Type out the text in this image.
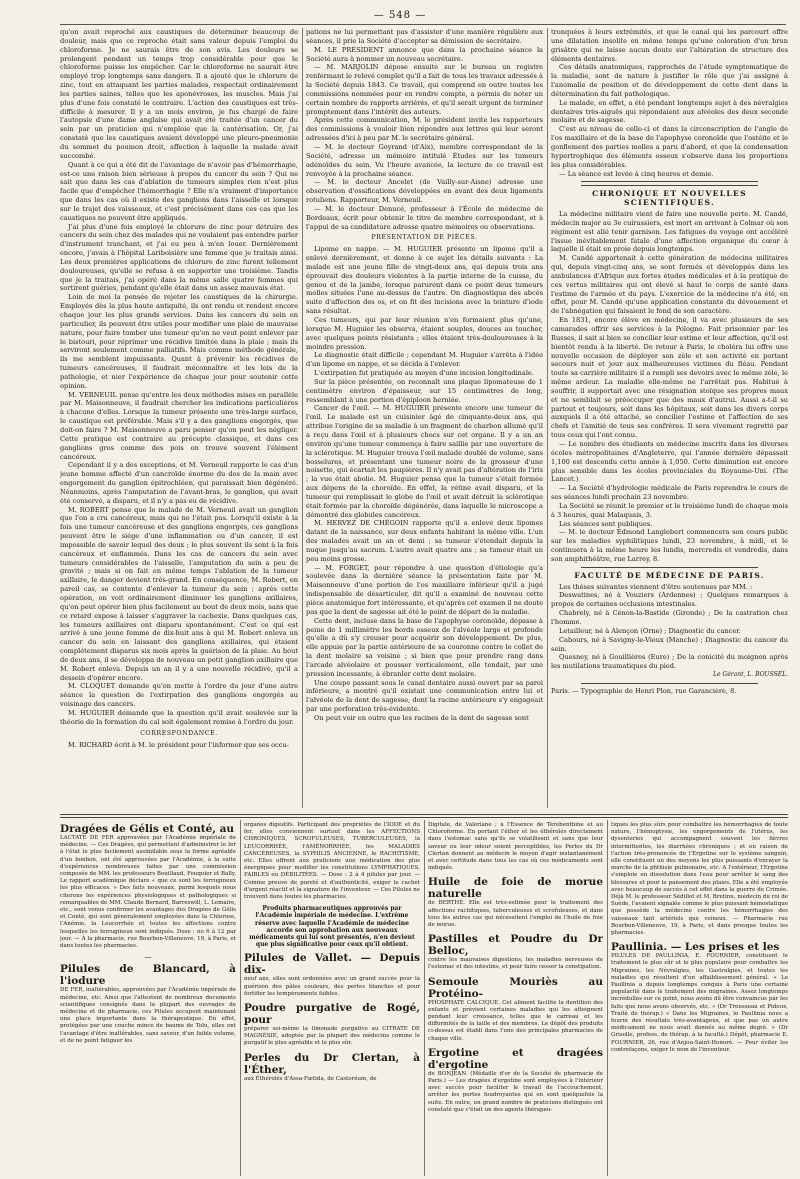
— 548 —

qu'on avait reproché aux caustiques de déterminer beaucoup de douleur, mais que ce reproche était sans valeur depuis l'emploi du chloroforme. Je ne saurais être de son avis. Les douleurs se prolongent pendant un temps trop considérable pour que le chloroforme puisse les empêcher. Car le chloroforme ne saurait être employé trop longtemps sans dangers. Il a ajouté que le chlorure de zinc, tout en attaquant les parties malades, respectait ordinairement les parties saines, telles que les aponévroses, les muscles. Mais j'ai plus d'une fois constaté le contraire. L'action des caustiques est très-difficile à mesurer. Il y a un mois environ, je fus chargé de faire l'autopsie d'une dame anglaise qui avait été traitée d'un cancer du sein par un praticien qui n'emploie que la cautérisation. Or, j'ai constaté que les caustiques avaient développé une pleuro-pneumonie du sommet du poumon droit, affection à laquelle la malade avait succombé.

Quant à ce qui a été dit de l'avantage de n'avoir pas d'hémorrhagie, est-ce une raison bien sérieuse à propos du cancer du sein ? Qui ne sait que dans les cas d'ablation de tumeurs simples rien n'est plus facile que d'empêcher l'hémorrhagie ? Elle n'a vraiment d'importance que dans les cas où il existe des ganglions dans l'aisselle et lorsque sur le trajet des vaisseaux, et c'est précisément dans ces cas que les caustiques ne peuvent être appliqués.

J'ai plus d'une fois employé le chlorure de zinc pour détruire des cancers du sein chez des malades qui ne voulaient pas entendre parler d'instrument tranchant, et j'ai eu peu à m'en louer. Dernièrement encore, j'avais à l'hôpital Lariboisière une femme que je traitais ainsi. Les deux premières applications de chlorure de zinc furent tellement douloureuses, qu'elle se refusa à en supporter une troisième. Tandis que je la traitais, j'ai opéré dans la même salle quatre femmes qui sortirent guéries, pendant qu'elle était dans un assez mauvais état.

Loin de moi la pensée de rejeter les caustiques de la chirurgie. Employés dès la plus haute antiquité, ils ont rendu et rendent encore chaque jour les plus grands services. Dans les cancers du sein en particulier, ils peuvent être utiles pour modifier une plaie de mauvaise nature, pour faire tomber une tumeur qu'on ne veut point enlever par le bistouri, pour réprimer une récidive limitée dans la plaie ; mais ils serviront seulement comme palliatifs. Mais comme méthode générale, ils me semblent impuissants. Quant à prévenir les récidives de tumeurs cancéreuses, il faudrait méconnaître et les lois de la pathologie, et nier l'expérience de chaque jour pour soutenir cette opinion.

M. VERNEUIL pense qu'entre les deux méthodes mises en parallèle par M. Maisonneuve, il faudrait chercher les indications particulières à chacune d'elles. Lorsque la tumeur présente une très-large surface, le caustique est préférable. Mais s'il y a des ganglions engorgés, que doit-on faire ? M. Maisonneuve a paru penser qu'on peut les négliger. Cette pratique est contraire au précepte classique, et dans ces ganglions gros comme des pois on trouve souvent l'élément cancéreux.

Cependant il y a des exceptions, et M. Verneuil rapporte le cas d'un jeune homme affecté d'un cancroïde énorme du dos de la main avec engorgement du ganglion épitrochléen, qui paraissait bien dégénéré. Néanmoins, après l'amputation de l'avant-bras, le ganglion, qui avait été conservé, a disparu, et il n'y a pas eu de récidive.

M. ROBERT pense que le malade de M. Verneuil avait un ganglion que l'on a cru cancéreux, mais qui ne l'était pas. Lorsqu'il existe à la fois une tumeur cancéreuse et des ganglions engorgés, ces ganglions peuvent être le siége d'une inflammation ou d'un cancer, il est impossible de savoir lequel des deux ; le plus souvent ils sont à la fois cancéreux et enflammés. Dans les cas de cancers du sein avec tumeurs considérables de l'aisselle, l'amputation du sein a peu de gravité ; mais si on fait en même temps l'ablation de la tumeur axillaire, le danger devient très-grand. En conséquence, M. Robert, en pareil cas, se contente d'enlever la tumeur du sein ; après cette opération, on voit ordinairement diminuer les ganglions axillaires, qu'on peut opérer bien plus facilement au bout de deux mois, sans que ce retard expose à laisser s'aggraver la cachexie. Dans quelques cas, les tumeurs axillaires ont disparu spontanément. C'est ce qui est arrivé à une jeune femme de dix-huit ans à qui M. Robert enleva un cancer du sein en laissant des ganglions axillaires, qui étaient complétement disparus six mois après la guérison de la plaie. Au bout de deux ans, il se développa de nouveau un petit ganglion axillaire que M. Robert enleva. Depuis un an il y a une nouvelle récidive, qu'il a dessein d'opérer encore.

M. CLOQUET demande qu'on mette à l'ordre du jour d'une autre séance la question de l'extirpation des ganglions engorgés au voisinage des cancers.

M. HUGUIER demande que la question qu'il avait soulevée sur la théorie de la formation du cal soit également remise à l'ordre du jour.

CORRESPONDANCE.

M. RICHARD écrit à M. le président pour l'informer que ses occu-

pations ne lui permettant pas d'assister d'une manière régulière aux séances, il prie la Société d'accepter sa démission de secrétaire.

M. LE PRÉSIDENT annonce que dans la prochaine séance la Société aura à nommer un nouveau secrétaire.

— M. MARJOLIN dépose ensuite sur le bureau un registre renfermant le relevé complet qu'il a fait de tous les travaux adressés à la Société depuis 1843. Ce travail, qui comprend en outre toutes les commissions nommées pour en rendre compte, a permis de noter un certain nombre de rapports arriérés, et qu'il serait urgent de terminer promptement dans l'intérêt des auteurs.

Après cette communication, M. le président invite les rapporteurs des commissions à vouloir bien répondre aux lettres qui leur seront adressées d'ici à peu par M. le secrétaire général.

— M. le docteur Goyrand (d'Aix), membre correspondant de la Société, adresse un mémoire intitulé Études sur les tumeurs adénoïdes du sein. Vu l'heure avancée, la lecture de ce travail est renvoyée à la prochaine séance.

— M. le docteur Ancelet (de Vailly-sur-Aisne) adresse une observation d'ossifications développées en avant des deux ligaments rotuliens. Rapporteur, M. Verneuil.

— M. le docteur Denucé, professeur à l'École de médecine de Bordeaux, écrit pour obtenir le titre de membre correspondant, et à l'appui de sa candidature adresse quatre mémoires ou observations.

PRÉSENTATION DE PIÈCES.

Lipome en nappe. — M. HUGUIER présente un lipome qu'il a enlevé dernièrement, et donne à ce sujet les détails suivants : La malade est une jeune fille de vingt-deux ans, qui depuis trois ans éprouvait des douleurs violentes à la partie interne de la cuisse, du genou et de la jambe, lorsque parurent dans ce point deux tumeurs molles situées l'une au-dessus de l'autre. On diagnostiqua des abcès suite d'affection des os, et on fit des incisions avec la teinture d'iode sans résultat.

Ces tumeurs, qui par leur réunion n'en formaient plus qu'une, lorsque M. Huguier les observa, étaient souples, douces au toucher, avec quelques points résistants ; elles étaient très-douloureuses à la moindre pression.

Le diagnostic était difficile ; cependant M. Huguier s'arrêta à l'idée d'un lipome en nappe, et se décida à l'enlever.

L'extirpation fut pratiquée au moyen d'une incision longitudinale.

Sur la pièce présentée, on reconnaît une plaque lipomateuse de 1 centimètre environ d'épaisseur, sur 15 centimètres de long, ressemblant à une portion d'épiploon herniée.

Cancer de l'œil. — M. HUGUIER présente encore une tumeur de l'œil. Le malade est un cuisinier âgé de cinquante-deux ans, qui attribue l'origine de sa maladie à un fragment de charbon allumé qu'il a reçu dans l'œil et à plusieurs chocs sur cet organe. Il y a un an environ qu'une tumeur commença à faire saillie par une ouverture de la sclérotique. M. Huguier trouva l'œil malade doublé de volume, sans bosselures, et présentant une tumeur noire de la grosseur d'une noisette, qui écartait les paupières. Il n'y avait pas d'altération de l'iris ; la vue était abolie. M. Huguier pensa que la tumeur s'était formée aux dépens de la choroïde. En effet, la rétine avait disparu, et la tumeur qui remplissait le globe de l'œil et avait détruit la sclérotique était formée par la choroïde dégénérée, dans laquelle le microscope a démontré des globules cancéreux.

M. HERVEZ DE CHÉGOIN rapporte qu'il a enlevé deux lipomes datant de la naissance, sur deux enfants habitant la même ville. L'un des malades avait un an et demi ; sa tumeur s'étendait depuis la nuque jusqu'au sacrum. L'autre avait quatre ans ; sa tumeur était un peu moins grosse.

— M. FORGET, pour répondre à une question d'étiologie qu'a soulevée dans la dernière séance la présentation faite par M. Maisonneuve d'une portion de l'os maxillaire inférieur qu'il a jugé indispensable de désarticuler, dit qu'il a examiné de nouveau cette pièce anatomique fort intéressante, et qu'après cet examen il ne doute pas que la dent de sagesse ait été le point de départ de la maladie.

Cette dent, incluse dans la base de l'apophyse coronoïde, dépasse à peine de 1 millimètre les bords osseux de l'alvéole large et profonde qu'elle a dû s'y creuser pour acquérir son développement. De plus, elle appuie par la partie antérieure de sa couronne contre le collet de la dent molaire sa voisine ; si bien que pour prendre rang dans l'arcade alvéolaire et pousser verticalement, elle tendait, par une pression incessante, à ébranler cette dent molaire.

Une coupe passant sous le canal dentaire aussi ouvert par sa paroi inférieure, a montré qu'il existait une communication entre lui et l'alvéole de la dent de sagesse, dont la racine antérieure s'y engageait par une perforation très-évidente.

On peut voir en outre que les racines de la dent de sagesse sont

tronquées à leurs extrémités, et que le canal qui les parcourt offre une dilatation insolite en même temps qu'une coloration d'un brun grisâtre qui ne laisse aucun doute sur l'altération de structure des éléments dentaires.

Ces détails anatomiques, rapprochés de l'étude symptomatique de la maladie, sont de nature à justifier le rôle que j'ai assigné à l'anomalie de position et de développement de cette dent dans la détermination du fait pathologique.

Le malade, en effet, a été pendant longtemps sujet à des névralgies dentaires très-aiguës qui répondaient aux alvéoles des deux seconde molaire et de sagesse.

C'est au niveau de celle-ci et dans la circonscription de l'angle de l'os maxillaire et de la base de l'apophyse coronoïde que l'ostéite et le gonflement des parties molles a paru d'abord, et que la condensation hypertrophique des éléments osseux s'observe dans les proportions les plus considérables.

— La séance est levée à cinq heures et demie.

CHRONIQUE ET NOUVELLES SCIENTIFIQUES.

La médecine militaire vient de faire une nouvelle perte. M. Candé, médecin major au 3e cuirassiers, est mort en arrivant à Colmar où son régiment est allé tenir garnison. Les fatigues du voyage ont accéléré l'issue inévitablement fatale d'une affection organique du cœur à laquelle il était en proie depuis longtemps.

M. Candé appartenait à cette génération de médecins militaires qui, depuis vingt-cinq ans, se sont formés et développés dans les ambulances d'Afrique aux fortes études médicales et à la pratique de ces vertus militaires qui ont élevé si haut le corps de santé dans l'estime de l'armée et du pays. L'exercice de la médecine n'a été, en effet, pour M. Candé qu'une application constante du dévouement et de l'abnégation qui faisaient le fond de son caractère.

En 1831, encore élève en médecine, il va avec plusieurs de ses camarades offrir ses services à la Pologne. Fait prisonnier par les Russes, il sait si bien se concilier leur estime et leur affection, qu'il est bientôt rendu à la liberté. De retour à Paris, le choléra lui offre une nouvelle occasion de déployer son zèle et son activité en portant secours nuit et jour aux malheureuses victimes du fléau. Pendant toute sa carrière militaire il a rempli ses devoirs avec le même zèle, le même ardeur. La maladie elle-même ne l'arrêtait pas. Habitué à souffrir, il supportait avec une résignation stoïque ses propres maux et ne semblait se préoccuper que des maux d'autrui. Aussi a-t-il su partout et toujours, soit dans les hôpitaux, soit dans les divers corps auxquels il a été attaché, se concilier l'estime et l'affection de ses chefs et l'amitié de tous ses confrères. Il sera vivement regretté par tous ceux qui l'ont connu.

— Le nombre des étudiants en médecine inscrits dans les diverses écoles métropolitaines d'Angleterre, qui l'année dernière dépassait 1,100 est descendu cette année à 1,050. Cette diminution est encore plus sensible dans les écoles provinciales du Royaume-Uni. (The Lancet.)

— La Société d'hydrologie médicale de Paris reprendra le cours de ses séances lundi prochain 23 novembre.

La Société se réunit le premier et le troisième lundi de chaque mois à 3 heures, quai Malaquais, 3.

Les séances sont publiques.

— M. le docteur Edmond Langlebert commencera son cours public sur les maladies syphilitiques lundi, 23 novembre, à midi, et le continuera à la même heure les lundis, mercredis et vendredis, dans son amphithéâtre, rue Larrey, 8.

FACULTÉ DE MÉDECINE DE PARIS.

Les thèses suivantes viennent d'être soutenues par MM. :

Deswatines, né à Vouziers (Ardennes) ; Quelques remarques à propos de certaines occlusions intestinales.

Chabrely, né à Cénon-la-Bastide (Gironde) ; De la castration chez l'homme.

Letailleur, né à Alençon (Orne) ; Diagnostic du cancer.

Cabours, né à Savigny-le-Vieux (Manche) ; Diagnostic du cancer du sein.

Quesney, né à Gouillières (Eure) ; De la conicité du moignon après les mutilations traumatiques du pied.

Le Gérant, L. BOUSSEL.

Paris. — Typographie de Henri Plon, rue Garancière, 8.

Dragées de Gélis et Conté, au
LACTATE DE FER approuvées par l'Académie impériale de médecine. — Ces Dragées, qui permettent d'administrer le fer à l'état le plus facilement assimilable sous la forme agréable d'un bonbon, ont été approuvées par l'Académie, à la suite d'expériences nombreuses faites par une commission composée de MM. les professeurs Bouillaud, Fouquier et Bally. Le rapport académique déclare « que ce sont les ferrugineux les plus efficaces. » Des faits nouveaux, parmi lesquels nous citerons les expériences physiologiques et pathologiques si remarquables de MM. Claude Bernard, Barreswill, L. Lemaire, etc., sont venus confirmer les avantages des Dragées de Gélis et Conté, qui sont généralement employées dans la Chlorose, l'Anémie, la Leucorrhée et toutes les affections contre lesquelles les ferrugineux sont indiqués. Dose : no 6 à 12 par jour. — À la pharmacie, rue Bourbon-Villeneuve, 19, à Paris, et dans toutes les pharmacies.
—
Pilules de Blancard, à l'iodure
DE FER, inaltérables, approuvées par l'Académie impériale de médecine, etc. Ainsi que l'attestent de nombreux documents scientifiques consignés dans la plupart des ouvrages de médecine et de pharmacie, ces Pilules occupent maintenant une place importante dans la thérapeutique. En effet, protégées par une couche mince de baume de Tolu, elles ont l'avantage d'être inaltérables, sans saveur, d'un faible volume, et de ne point fatiguer les
organes digestifs. Participant des propriétés de l'IODE et du fer, elles conviennent surtout dans les AFFECTIONS CHRONIQUES, SCROFULEUSES, TUBERCULEUSES, la LEUCORRHÉE, l'AMÉNORRHÉE, les MALADIES CANCÉREUSES, la SYPHILIS ANCIENNE, le RACHITISME, etc. Elles offrent aux praticiens une médication des plus énergiques pour modifier les constitutions LYMPHATIQUES, FAIBLES ou DÉBILITÉES. — Dose : 2 à 4 pilules par jour. — Comme preuve de pureté et d'authenticité, exiger le cachet d'argent réactif et la signature de l'inventeur. — Ces Pilules ne trouvent dans toutes les pharmacies.
Produits pharmaceutiques approuvés par l'Académie impériale de médecine. L'extrême réserve avec laquelle l'Académie de médecine accorde son approbation aux nouveaux médicaments qui lui sont présentés, n'en devient que plus significative pour ceux qu'il obtient.
Pilules de Vallet. — Depuis dix-
neuf ans, elles sont ordonnées avec un grand succès pour la guérison des pâles couleurs, des pertes blanches et pour fortifier les tempéraments faibles.
Poudre purgative de Rogé, pour
préparer soi-même la limonade purgative au CITRATE DE MAGNÉSIE, adoptée par la plupart des médecins comme le purgatif le plus agréable et le plus sûr.
Perles du Dr Clertan, à l'Éther,
aux Éthérolés d'Assa-Fœtida, de Castoréum, de
Digitale, de Valériane ; à l'Essence de Térébenthine et au Chloroforme. En portant l'éther et les éthérolés directement dans l'estomac sans qu'ils se volatilisent et sans que leur saveur ou leur odeur soient perceptibles, les Perles du Dr Clertan donnent au médecin le moyen d'agir instantanément et avec certitude dans tous les cas où ces médicaments sont indiqués.
Huile de foie de morue naturelle
de BERTHÉ. Elle est très-estimée pour le traitement des affections rachitiques, tuberculeuses et scrofuleuses, et dans tous les autres cas qui nécessitent l'emploi de l'huile de foie de morue.
Pastilles et Poudre du Dr Belloc,
contre les mauvaises digestions, les maladies nerveuses de l'estomac et des intestins, et pour faire cesser la constipation.
Semoule Mouriès au Protéino-
PHOSPHATE CALCIQUE. Cet aliment facilite la dentition des enfants et prévient certaines maladies qui les atteignent pendant leur croissance, telles que le carreau et les difformités de la taille et des membres. Le dépôt des produits ci-dessus est établi dans l'une des principales pharmacies de chaque ville.
Ergotine et dragées d'ergotine
de BONJEAN. (Médaille d'or de la Société de pharmacie de Paris.) — Les dragées d'ergotine sont employées à l'intérieur avec succès pour faciliter le travail de l'accouchement, arrêter les pertes foudroyantes qui en sont quelquefois la suite. En outre, un grand nombre de praticiens distingués ont constaté que c'était un des agents thérapeu-
tiques les plus sûrs pour combattre les hémorrhagies de toute nature, l'hémoptysie, les engorgements de l'utérus, les dysenteries qui accompagnent souvent les fièvres intermittentes, les diarrhées chroniques ; et en raison de l'action très-prononcée de l'Ergotine sur le système sanguin, elle constituent un des moyens les plus puissants d'enrayer la marche de la phthisie pulmonaire, etc. A l'extérieur, l'Ergotine s'emploie en dissolution dans l'eau pour arrêter le sang des blessures et pour le pansement des plaies. Elle a été employée avec beaucoup de succès à cet effet dans la guerre de Crimée. Déjà M. le professeur Sédillot et M. Bretinu, médecin du roi de Suède, l'avaient signalée comme le plus puissant hémostatique que possède la médecine contre les hémorrhagies des vaisseaux tant artériels que veineux. — Pharmacie rue Bourbon-Villeneuve, 19, à Paris, et dans presque toutes les pharmacies.
Paullinia. — Les prises et les
PILULES DE PAULLINIA, E. FOURNIER, constituent le traitement le plus sûr et le plus populaire pour combattre les Migraines, les Névralgies, les Gastralgies, et toutes les maladies qui résultent d'un affaiblissement général. « Le Paullinia a depuis longtemps conquis à Paris une certaine popularité dans le traitement des migraines. Assez longtemps incrédulles sur ce point, nous avons dû être convaincus par les faits que nous avons observés, etc. » (Dr Trousseau et Pidoux, Traité de thérap.) « Dans les Migraines, le Paullinia nous a fourni des résultats très-avantageux, et que pas un autre médicament ne nous avait donnés au même degré. » (Dr Grisolle, profess. de thérap. à la faculté.) Dépôt, pharmacie E. FOURNIER, 26, rue d'Anjou-Saint-Honoré. — Pour éviter les contrefaçons, exiger le nom de l'inventeur.
